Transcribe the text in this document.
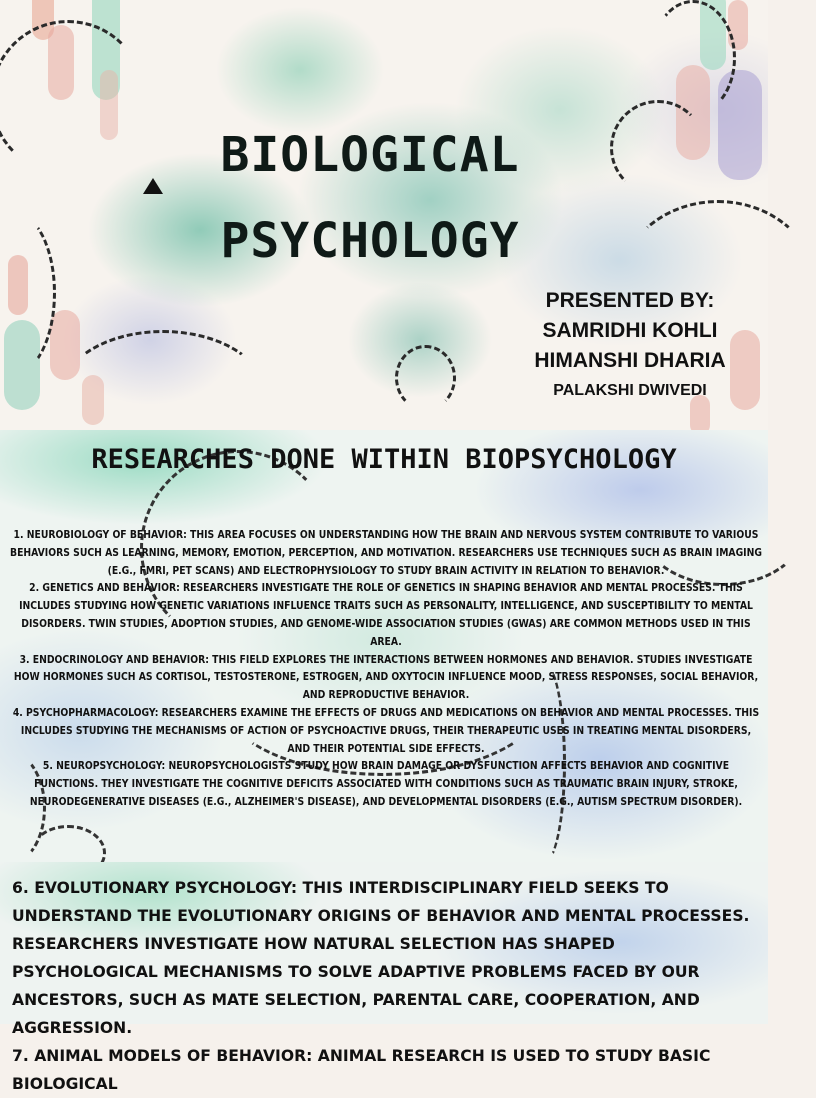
BIOLOGICAL
PSYCHOLOGY
PRESENTED BY:
SAMRIDHI KOHLI
HIMANSHI DHARIA
PALAKSHI DWIVEDI
RESEARCHES DONE WITHIN BIOPSYCHOLOGY

1. NEUROBIOLOGY OF BEHAVIOR: THIS AREA FOCUSES ON UNDERSTANDING HOW THE BRAIN AND NERVOUS SYSTEM CONTRIBUTE TO VARIOUS BEHAVIORS SUCH AS LEARNING, MEMORY, EMOTION, PERCEPTION, AND MOTIVATION. RESEARCHERS USE TECHNIQUES SUCH AS BRAIN IMAGING (E.G., FMRI, PET SCANS) AND ELECTROPHYSIOLOGY TO STUDY BRAIN ACTIVITY IN RELATION TO BEHAVIOR.

2. GENETICS AND BEHAVIOR: RESEARCHERS INVESTIGATE THE ROLE OF GENETICS IN SHAPING BEHAVIOR AND MENTAL PROCESSES. THIS INCLUDES STUDYING HOW GENETIC VARIATIONS INFLUENCE TRAITS SUCH AS PERSONALITY, INTELLIGENCE, AND SUSCEPTIBILITY TO MENTAL DISORDERS. TWIN STUDIES, ADOPTION STUDIES, AND GENOME-WIDE ASSOCIATION STUDIES (GWAS) ARE COMMON METHODS USED IN THIS AREA.

3. ENDOCRINOLOGY AND BEHAVIOR: THIS FIELD EXPLORES THE INTERACTIONS BETWEEN HORMONES AND BEHAVIOR. STUDIES INVESTIGATE HOW HORMONES SUCH AS CORTISOL, TESTOSTERONE, ESTROGEN, AND OXYTOCIN INFLUENCE MOOD, STRESS RESPONSES, SOCIAL BEHAVIOR, AND REPRODUCTIVE BEHAVIOR.

4. PSYCHOPHARMACOLOGY: RESEARCHERS EXAMINE THE EFFECTS OF DRUGS AND MEDICATIONS ON BEHAVIOR AND MENTAL PROCESSES. THIS INCLUDES STUDYING THE MECHANISMS OF ACTION OF PSYCHOACTIVE DRUGS, THEIR THERAPEUTIC USES IN TREATING MENTAL DISORDERS, AND THEIR POTENTIAL SIDE EFFECTS.

5. NEUROPSYCHOLOGY: NEUROPSYCHOLOGISTS STUDY HOW BRAIN DAMAGE OR DYSFUNCTION AFFECTS BEHAVIOR AND COGNITIVE FUNCTIONS. THEY INVESTIGATE THE COGNITIVE DEFICITS ASSOCIATED WITH CONDITIONS SUCH AS TRAUMATIC BRAIN INJURY, STROKE, NEURODEGENERATIVE DISEASES (E.G., ALZHEIMER'S DISEASE), AND DEVELOPMENTAL DISORDERS (E.G., AUTISM SPECTRUM DISORDER).

6. EVOLUTIONARY PSYCHOLOGY: THIS INTERDISCIPLINARY FIELD SEEKS TO UNDERSTAND THE EVOLUTIONARY ORIGINS OF BEHAVIOR AND MENTAL PROCESSES. RESEARCHERS INVESTIGATE HOW NATURAL SELECTION HAS SHAPED PSYCHOLOGICAL MECHANISMS TO SOLVE ADAPTIVE PROBLEMS FACED BY OUR ANCESTORS, SUCH AS MATE SELECTION, PARENTAL CARE, COOPERATION, AND AGGRESSION.

7. ANIMAL MODELS OF BEHAVIOR: ANIMAL RESEARCH IS USED TO STUDY BASIC BIOLOGICAL
